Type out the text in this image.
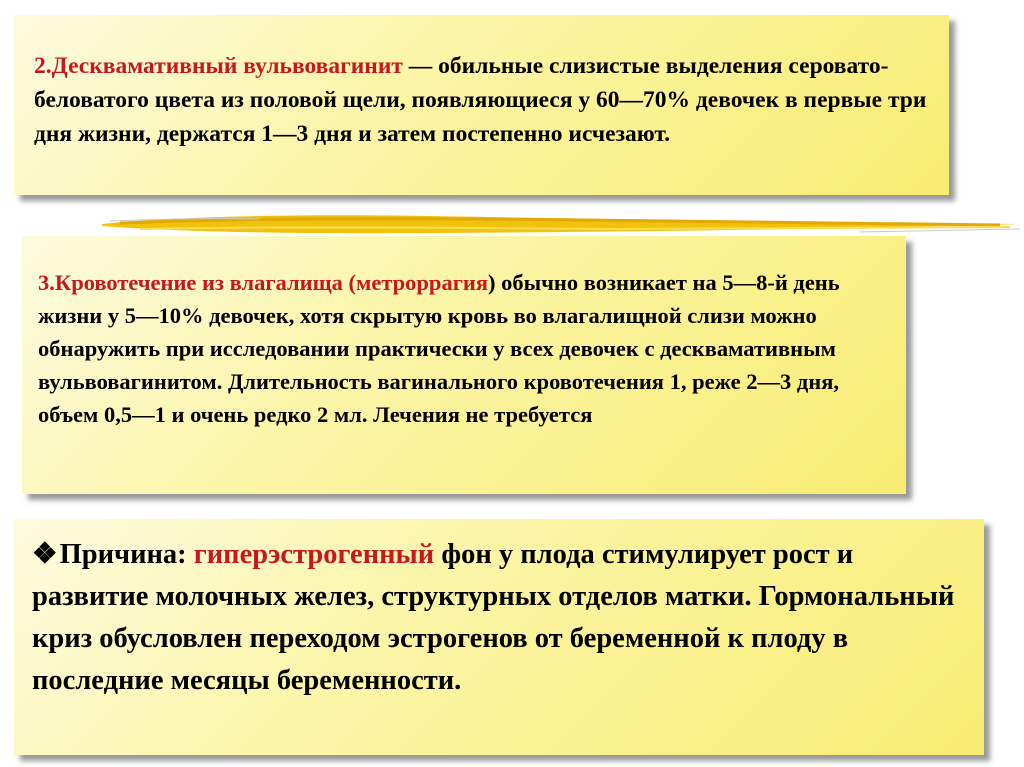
2.Десквамативный вульвовагинит — обильные слизистые выделения серовато-беловатого цвета из половой щели, появляющиеся у 60—70% девочек в первые три дня жизни, держатся 1—3 дня и затем постепенно исчезают.
3.Кровотечение из влагалища (метроррагия) обычно возникает на 5—8-й день жизни у 5—10% девочек, хотя скрытую кровь во влагалищной слизи можно обнаружить при исследовании практически у всех девочек с десквамативным вульвовагинитом. Длительность вагинального кровотечения 1, реже 2—3 дня, объем 0,5—1 и очень редко 2 мл. Лечения не требуется
❖Причина: гиперэстрогенный фон у плода стимулирует рост и развитие молочных желез, структурных отделов матки. Гормональный криз обусловлен переходом эстрогенов от беременной к плоду в последние месяцы беременности.
